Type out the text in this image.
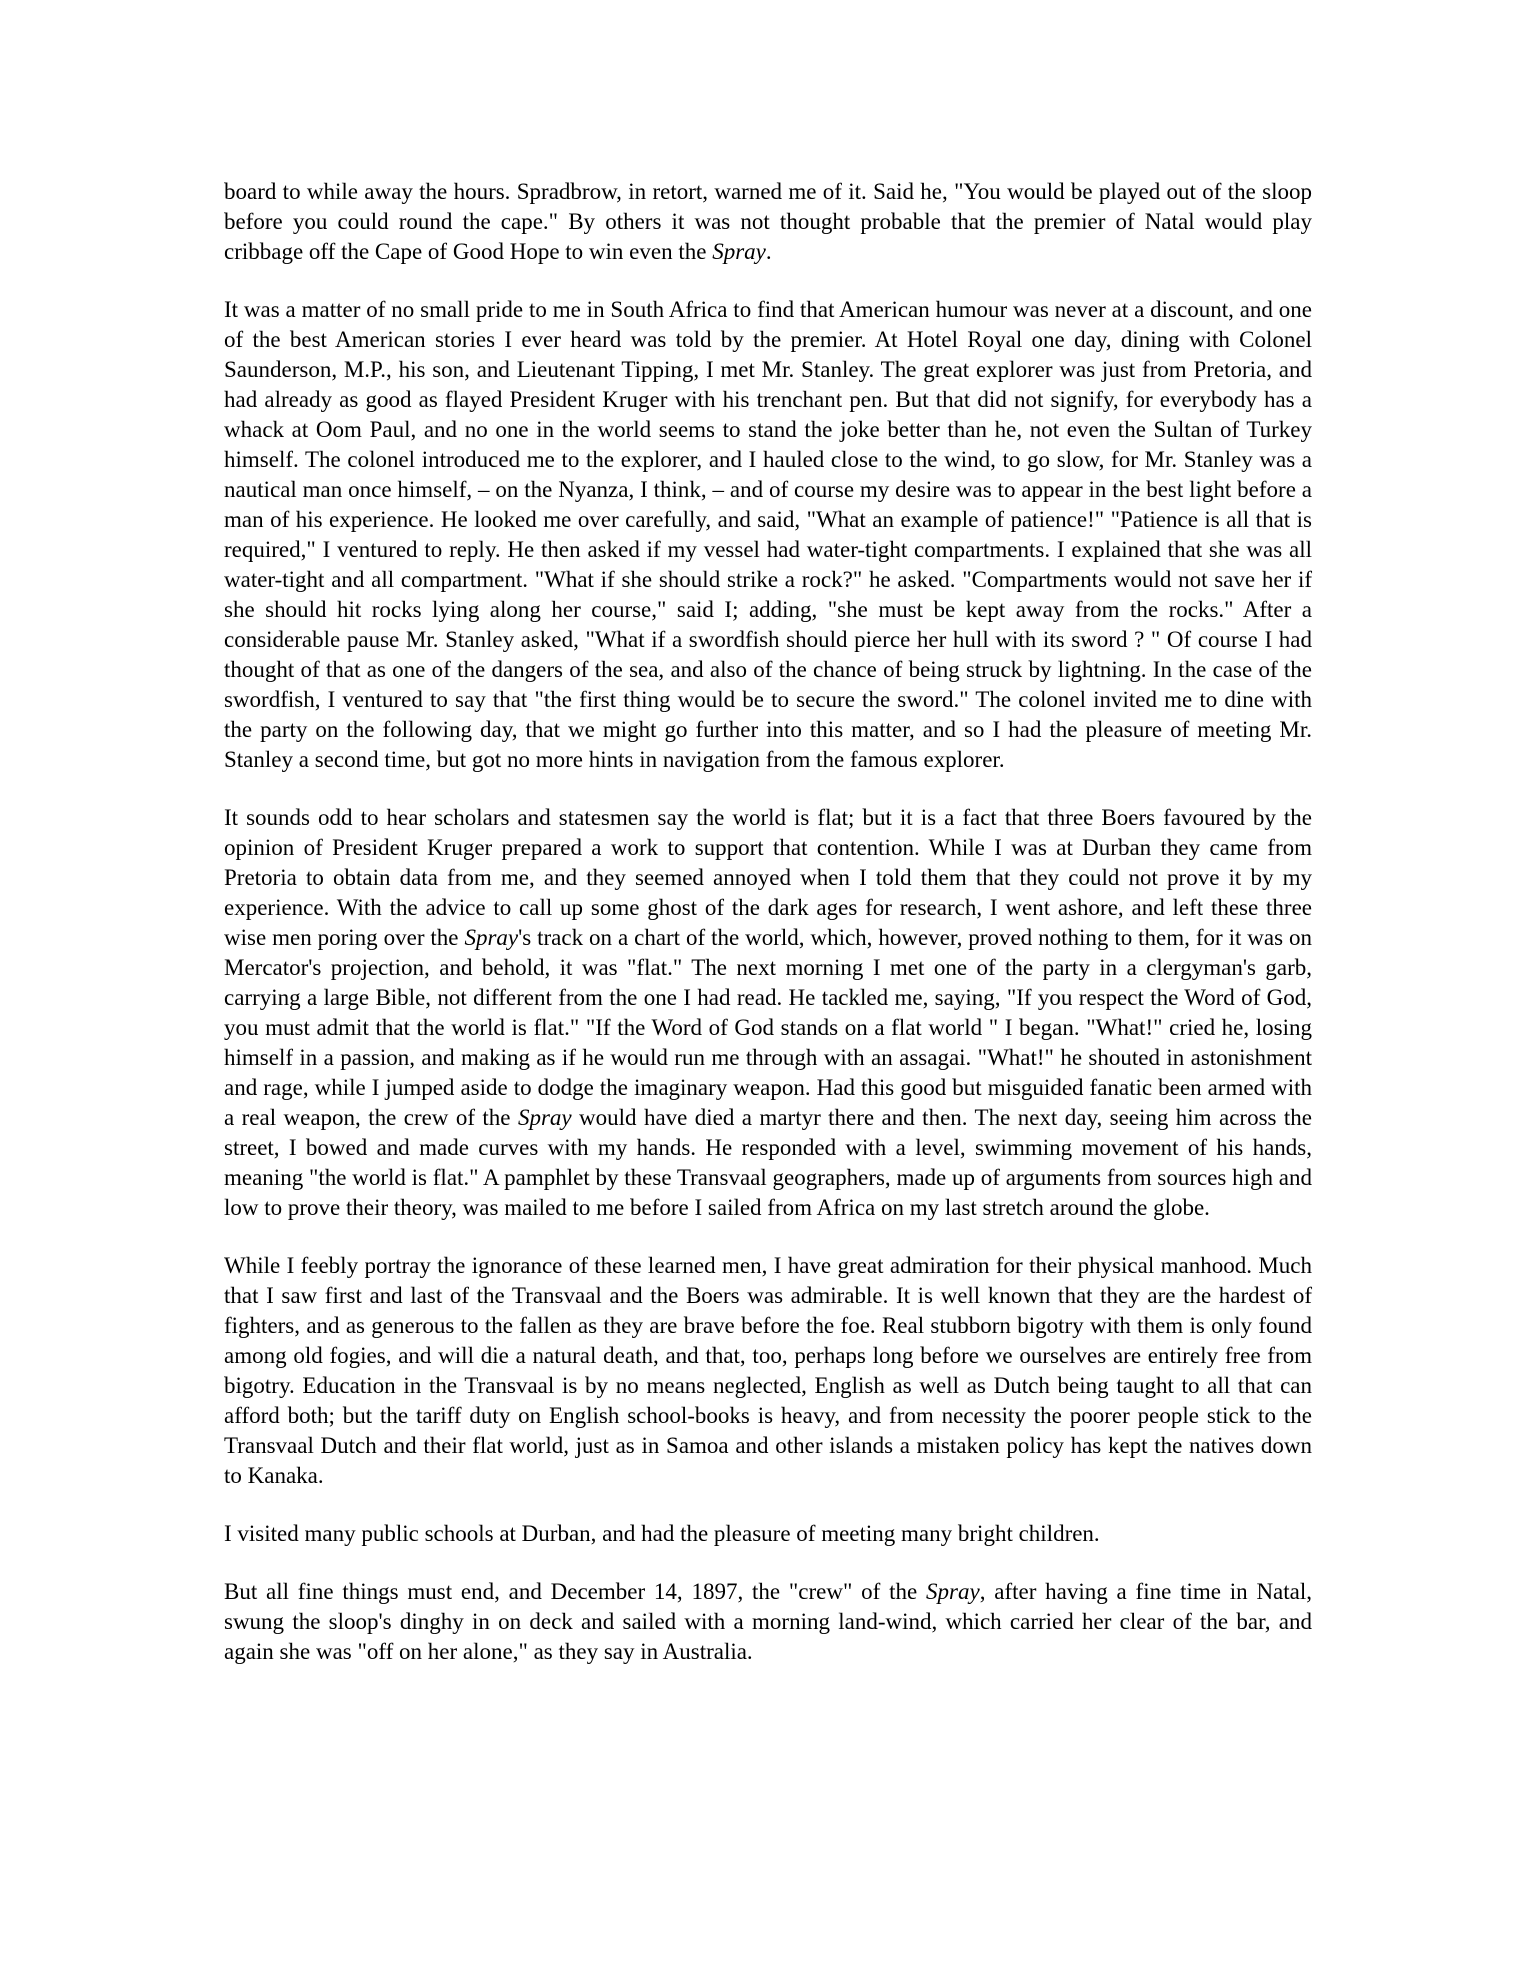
board to while away the hours. Spradbrow, in retort, warned me of it. Said he, "You would be played out of the sloop before you could round the cape." By others it was not thought probable that the premier of Natal would play cribbage off the Cape of Good Hope to win even the Spray.

It was a matter of no small pride to me in South Africa to find that American humour was never at a discount, and one of the best American stories I ever heard was told by the premier. At Hotel Royal one day, dining with Colonel Saunderson, M.P., his son, and Lieutenant Tipping, I met Mr. Stanley. The great explorer was just from Pretoria, and had already as good as flayed President Kruger with his trenchant pen. But that did not signify, for everybody has a whack at Oom Paul, and no one in the world seems to stand the joke better than he, not even the Sultan of Turkey himself. The colonel introduced me to the explorer, and I hauled close to the wind, to go slow, for Mr. Stanley was a nautical man once himself, – on the Nyanza, I think, – and of course my desire was to appear in the best light before a man of his experience. He looked me over carefully, and said, "What an example of patience!" "Patience is all that is required," I ventured to reply. He then asked if my vessel had water-tight compartments. I explained that she was all water-tight and all compartment. "What if she should strike a rock?" he asked. "Compartments would not save her if she should hit rocks lying along her course," said I; adding, "she must be kept away from the rocks." After a considerable pause Mr. Stanley asked, "What if a swordfish should pierce her hull with its sword ? " Of course I had thought of that as one of the dangers of the sea, and also of the chance of being struck by lightning. In the case of the swordfish, I ventured to say that "the first thing would be to secure the sword." The colonel invited me to dine with the party on the following day, that we might go further into this matter, and so I had the pleasure of meeting Mr. Stanley a second time, but got no more hints in navigation from the famous explorer.

It sounds odd to hear scholars and statesmen say the world is flat; but it is a fact that three Boers favoured by the opinion of President Kruger prepared a work to support that contention. While I was at Durban they came from Pretoria to obtain data from me, and they seemed annoyed when I told them that they could not prove it by my experience. With the advice to call up some ghost of the dark ages for research, I went ashore, and left these three wise men poring over the Spray's track on a chart of the world, which, however, proved nothing to them, for it was on Mercator's projection, and behold, it was "flat." The next morning I met one of the party in a clergyman's garb, carrying a large Bible, not different from the one I had read. He tackled me, saying, "If you respect the Word of God, you must admit that the world is flat." "If the Word of God stands on a flat world " I began. "What!" cried he, losing himself in a passion, and making as if he would run me through with an assagai. "What!" he shouted in astonishment and rage, while I jumped aside to dodge the imaginary weapon. Had this good but misguided fanatic been armed with a real weapon, the crew of the Spray would have died a martyr there and then. The next day, seeing him across the street, I bowed and made curves with my hands. He responded with a level, swimming movement of his hands, meaning "the world is flat." A pamphlet by these Transvaal geographers, made up of arguments from sources high and low to prove their theory, was mailed to me before I sailed from Africa on my last stretch around the globe.

While I feebly portray the ignorance of these learned men, I have great admiration for their physical manhood. Much that I saw first and last of the Transvaal and the Boers was admirable. It is well known that they are the hardest of fighters, and as generous to the fallen as they are brave before the foe. Real stubborn bigotry with them is only found among old fogies, and will die a natural death, and that, too, perhaps long before we ourselves are entirely free from bigotry. Education in the Transvaal is by no means neglected, English as well as Dutch being taught to all that can afford both; but the tariff duty on English school-books is heavy, and from necessity the poorer people stick to the Transvaal Dutch and their flat world, just as in Samoa and other islands a mistaken policy has kept the natives down to Kanaka.

I visited many public schools at Durban, and had the pleasure of meeting many bright children.

But all fine things must end, and December 14, 1897, the "crew" of the Spray, after having a fine time in Natal, swung the sloop's dinghy in on deck and sailed with a morning land-wind, which carried her clear of the bar, and again she was "off on her alone," as they say in Australia.
